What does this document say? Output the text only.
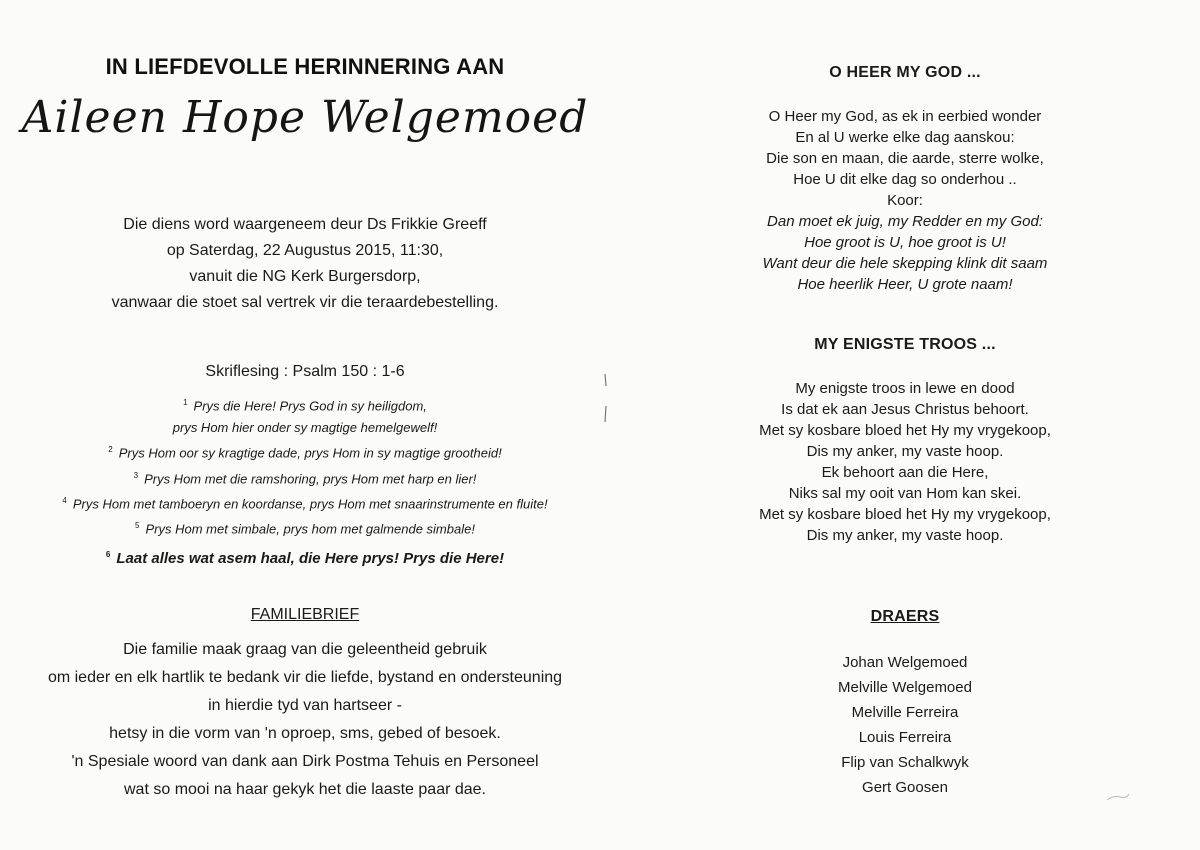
IN LIEFDEVOLLE HERINNERING AAN
Aileen Hope Welgemoed
Die diens word waargeneem deur Ds Frikkie Greeff
op Saterdag, 22 Augustus 2015, 11:30,
vanuit die NG Kerk Burgersdorp,
vanwaar die stoet sal vertrek vir die teraardebestelling.
Skriflesing : Psalm 150 : 1-6
$^1$ Prys die Here! Prys God in sy heiligdom,
prys Hom hier onder sy magtige hemelgewelf!
$^2$ Prys Hom oor sy kragtige dade, prys Hom in sy magtige grootheid!
$^3$ Prys Hom met die ramshoring, prys Hom met harp en lier!
$^4$ Prys Hom met tamboeryn en koordanse, prys Hom met snaarinstrumente en fluite!
$^5$ Prys Hom met simbale, prys hom met galmende simbale!
$^6$ Laat alles wat asem haal, die Here prys! Prys die Here!
FAMILIEBRIEF
Die familie maak graag van die geleentheid gebruik
om ieder en elk hartlik te bedank vir die liefde, bystand en ondersteuning
in hierdie tyd van hartseer -
hetsy in die vorm van 'n oproep, sms, gebed of besoek.
'n Spesiale woord van dank aan Dirk Postma Tehuis en Personeel
wat so mooi na haar gekyk het die laaste paar dae.
O HEER MY GOD ...
O Heer my God, as ek in eerbied wonder
En al U werke elke dag aanskou:
Die son en maan, die aarde, sterre wolke,
Hoe U dit elke dag so onderhou ..
Koor:
Dan moet ek juig, my Redder en my God:
Hoe groot is U, hoe groot is U!
Want deur die hele skepping klink dit saam
Hoe heerlik Heer, U grote naam!
MY ENIGSTE TROOS ...
My enigste troos in lewe en dood
Is dat ek aan Jesus Christus behoort.
Met sy kosbare bloed het Hy my vrygekoop,
Dis my anker, my vaste hoop.
Ek behoort aan die Here,
Niks sal my ooit van Hom kan skei.
Met sy kosbare bloed het Hy my vrygekoop,
Dis my anker, my vaste hoop.
DRAERS
Johan Welgemoed
Melville Welgemoed
Melville Ferreira
Louis Ferreira
Flip van Schalkwyk
Gert Goosen
